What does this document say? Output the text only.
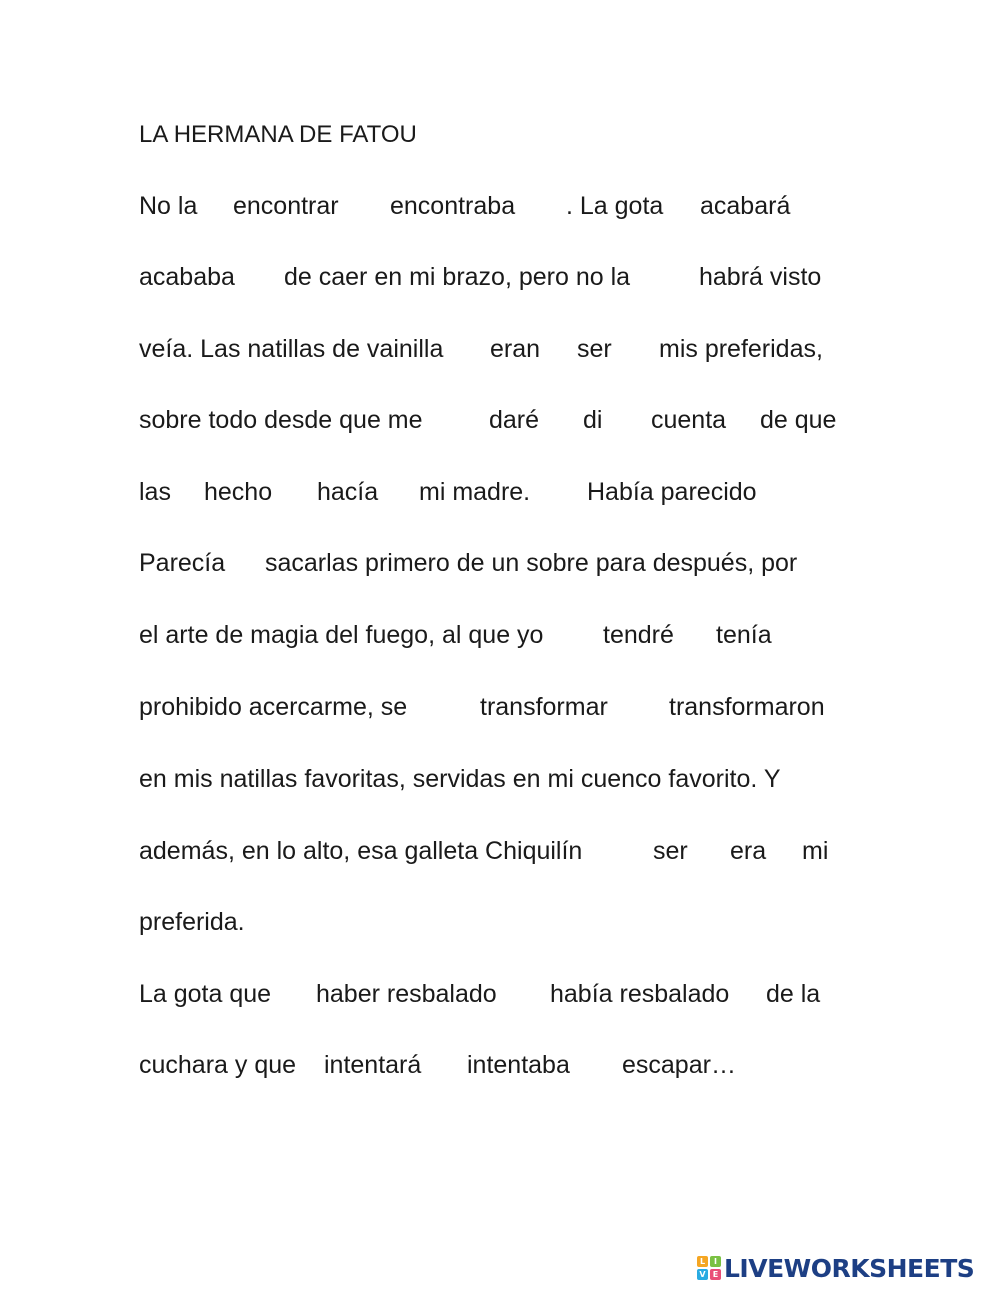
LA HERMANA DE FATOU
No la encontrar encontraba . La gota acabará
acababa de caer en mi brazo, pero no la	habrá visto
veía. Las natillas de vainilla eran ser mis preferidas,
sobre todo desde que me	daré di cuenta de que
las hecho hacía mi madre. Había parecido
Parecía sacarlas primero de un sobre para después, por
el arte de magia del fuego, al que yo tendré tenía
prohibido acercarme, se	transformar transformaron
en mis natillas favoritas, servidas en mi cuenco favorito. Y
además, en lo alto, esa galleta Chiquilín	ser era mi
preferida.
La gota que haber resbalado había resbalado de la
cuchara y que intentará intentaba escapar…
L	I
V E LIVEWORKSHEETS
